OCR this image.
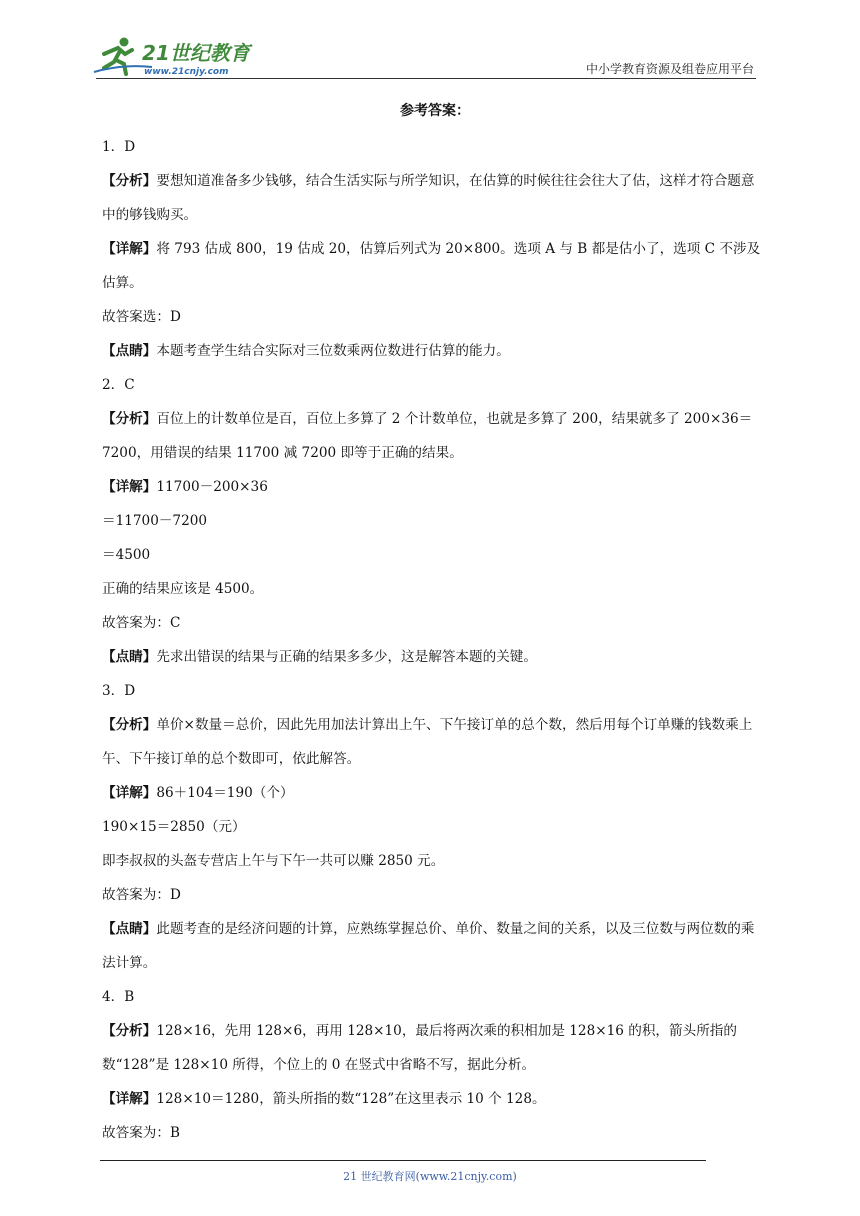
21世纪教育
www.21cnjy.com	中小学教育资源及组卷应用平台
参考答案：
1．D
【分析】要想知道准备多少钱够，结合生活实际与所学知识，在估算的时候往往会往大了估，这样才符合题意中的够钱购买。
【详解】将 793 估成 800，19 估成 20，估算后列式为 20×800。选项 A 与 B 都是估小了，选项 C 不涉及估算。
故答案选：D
【点睛】本题考查学生结合实际对三位数乘两位数进行估算的能力。
2．C
【分析】百位上的计数单位是百，百位上多算了 2 个计数单位，也就是多算了 200，结果就多了 200×36＝7200，用错误的结果 11700 减 7200 即等于正确的结果。
【详解】11700－200×36
＝11700－7200
＝4500
正确的结果应该是 4500。
故答案为：C
【点睛】先求出错误的结果与正确的结果多多少，这是解答本题的关键。
3．D
【分析】单价×数量＝总价，因此先用加法计算出上午、下午接订单的总个数，然后用每个订单赚的钱数乘上午、下午接订单的总个数即可，依此解答。
【详解】86＋104＝190（个）
190×15＝2850（元）
即李叔叔的头盔专营店上午与下午一共可以赚 2850 元。
故答案为：D
【点睛】此题考查的是经济问题的计算，应熟练掌握总价、单价、数量之间的关系，以及三位数与两位数的乘法计算。
4．B
【分析】128×16，先用 128×6，再用 128×10，最后将两次乘的积相加是 128×16 的积，箭头所指的数“128”是 128×10 所得，个位上的 0 在竖式中省略不写，据此分析。
【详解】128×10＝1280，箭头所指的数“128”在这里表示 10 个 128。
故答案为：B
21 世纪教育网(www.21cnjy.com)
